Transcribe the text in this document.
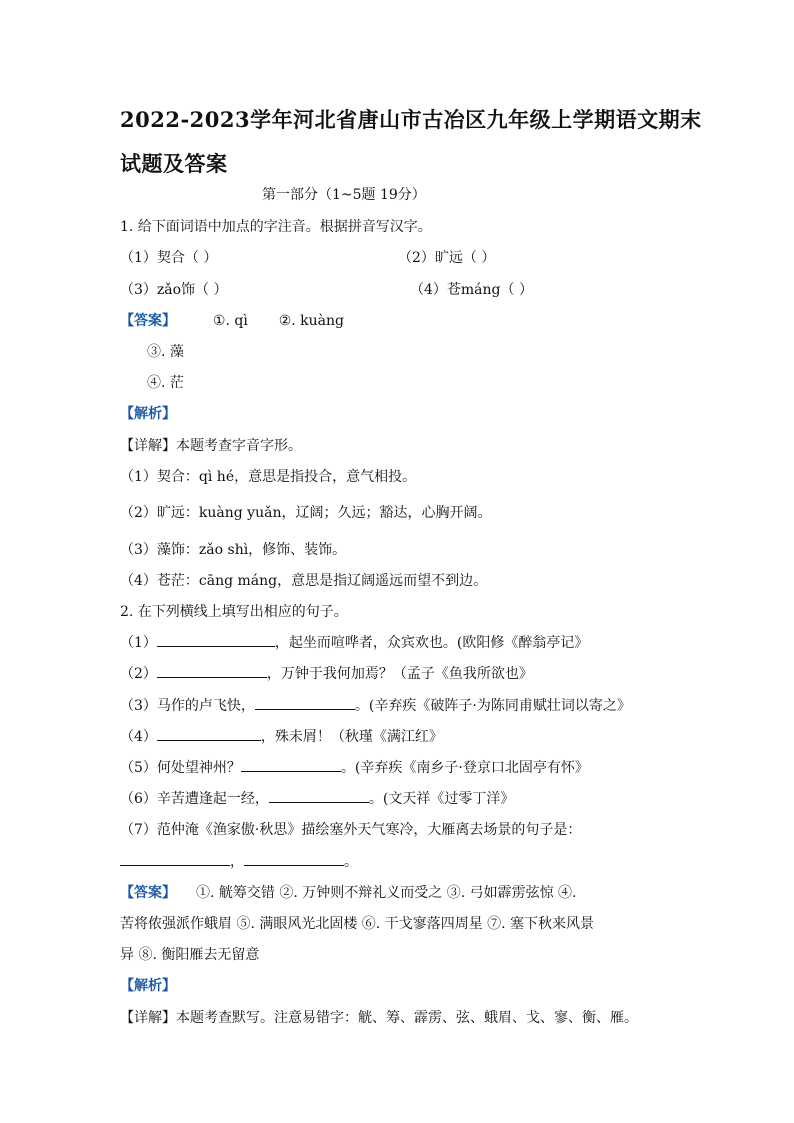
2022-2023学年河北省唐山市古冶区九年级上学期语文期末
试题及答案
第一部分（1~5题 19分）
1. 给下面词语中加点的字注音。根据拼音写汉字。
（1）契合（ ）	（2）旷远（ ）
（3）zǎo饰（ ）	（4）苍máng（ ）
【答案】	①. qì ②. kuàng
③. 藻
④. 茫
【解析】
【详解】本题考查字音字形。
（1）契合：qì hé，意思是指投合，意气相投。
（2）旷远：kuàng yuǎn，辽阔；久远；豁达，心胸开阔。
（3）藻饰：zǎo shì，修饰、装饰。
（4）苍茫：cāng máng，意思是指辽阔遥远而望不到边。
2. 在下列横线上填写出相应的句子。
（1）	，起坐而喧哗者，众宾欢也。(欧阳修《醉翁亭记》
（2）	，万钟于我何加焉？（孟子《鱼我所欲也》
（3）马作的卢飞快，	。(辛弃疾《破阵子·为陈同甫赋壮词以寄之》
（4）	，殊未屑！（秋瑾《满江红》
（5）何处望神州？	。(辛弃疾《南乡子·登京口北固亭有怀》
（6）辛苦遭逢起一经，	。(文天祥《过零丁洋》
（7）范仲淹《渔家傲·秋思》描绘塞外天气寒冷，大雁离去场景的句子是：
，	。
【答案】 ①. 觥筹交错 ②. 万钟则不辩礼义而受之 ③. 弓如霹雳弦惊 ④.
苦将侬强派作蛾眉 ⑤. 满眼风光北固楼 ⑥. 干戈寥落四周星 ⑦. 塞下秋来风景
异 ⑧. 衡阳雁去无留意
【解析】
【详解】本题考查默写。注意易错字：觥、筹、霹雳、弦、蛾眉、戈、寥、衡、雁。
